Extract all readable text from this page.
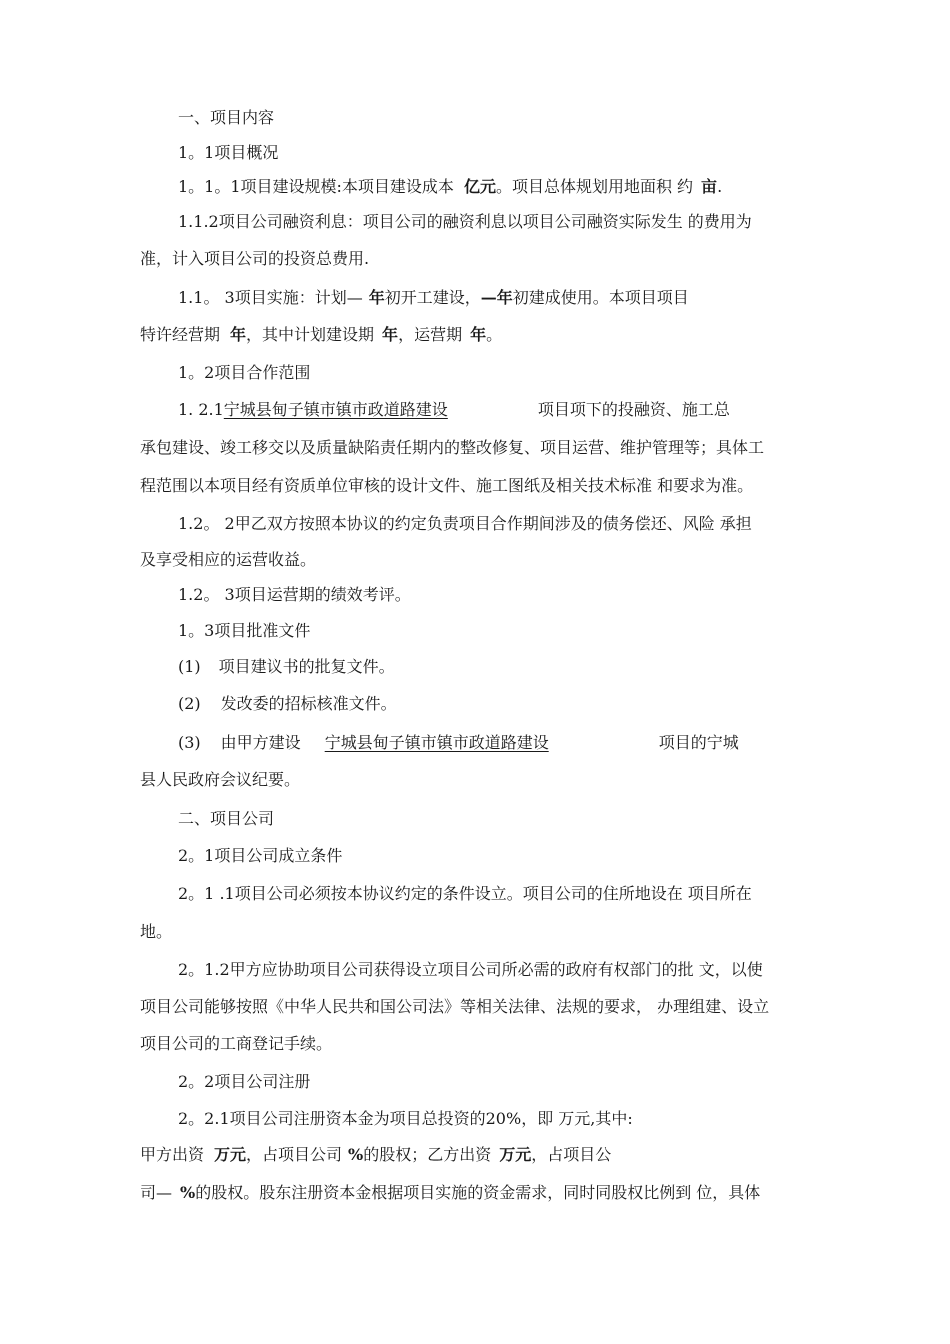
一、项目内容
1。1项目概况
1。1。1项目建设规模:本项目建设成本 亿元。项目总体规划用地面积 约 亩.
1.1.2项目公司融资利息：项目公司的融资利息以项目公司融资实际发生 的费用为
准，计入项目公司的投资总费用.
1.1。 3项目实施：计划— 年初开工建设，—年初建成使用。本项目项目
特许经营期 年，其中计划建设期 年，运营期 年。
1。2项目合作范围
1. 2.1宁城县甸子镇市镇市政道路建设	项目项下的投融资、施工总
承包建设、竣工移交以及质量缺陷责任期内的整改修复、项目运营、维护管理等；具体工
程范围以本项目经有资质单位审核的设计文件、施工图纸及相关技术标准 和要求为准。
1.2。 2甲乙双方按照本协议的约定负责项目合作期间涉及的债务偿还、风险 承担
及享受相应的运营收益。
1.2。 3项目运营期的绩效考评。
1。3项目批准文件
(1) 项目建议书的批复文件。
(2) 发改委的招标核准文件。
(3) 由甲方建设 宁城县甸子镇市镇市政道路建设	项目的宁城
县人民政府会议纪要。
二、项目公司
2。1项目公司成立条件
2。1 .1项目公司必须按本协议约定的条件设立。项目公司的住所地设在 项目所在
地。
2。1.2甲方应协助项目公司获得设立项目公司所必需的政府有权部门的批 文，以使
项目公司能够按照《中华人民共和国公司法》等相关法律、法规的要求， 办理组建、设立
项目公司的工商登记手续。
2。2项目公司注册
2。2.1项目公司注册资本金为项目总投资的20%，即 万元,其中:
甲方出资 万元，占项目公司 %的股权；乙方出资 万元，占项目公
司— %的股权。股东注册资本金根据项目实施的资金需求，同时同股权比例到 位，具体
